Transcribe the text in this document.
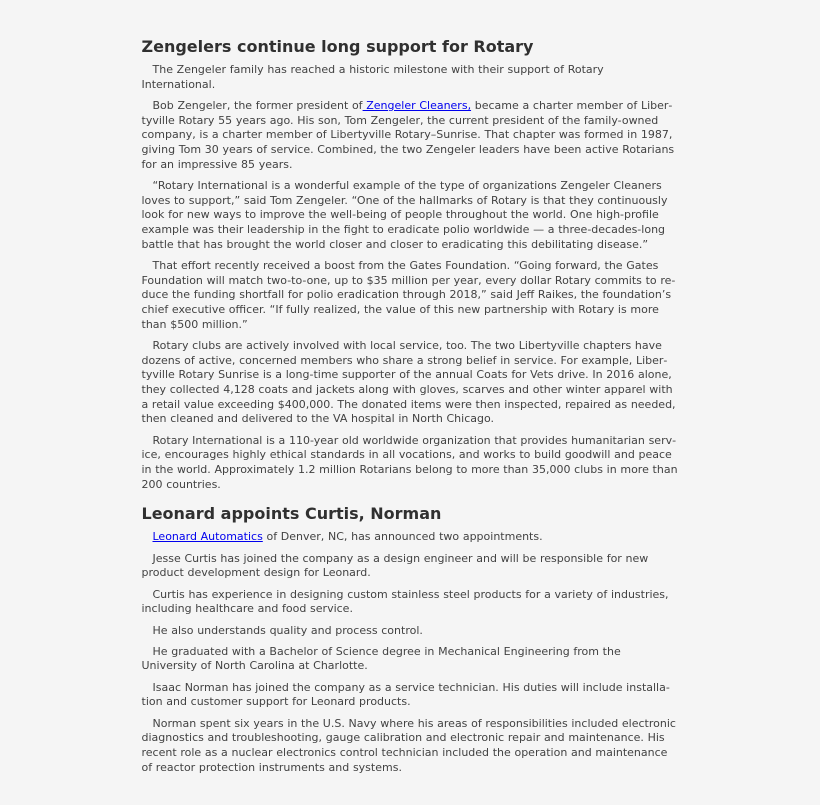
Zengelers continue long support for Rotary

The Zengeler family has reached a historic milestone with their support of Rotary International.

Bob Zengeler, the former president of Zengeler Cleaners, became a charter member of Libertyville Rotary 55 years ago. His son, Tom Zengeler, the current president of the family-owned company, is a charter member of Libertyville Rotary–Sunrise. That chapter was formed in 1987, giving Tom 30 years of service. Combined, the two Zengeler leaders have been active Rotarians for an impressive 85 years.

“Rotary International is a wonderful example of the type of organizations Zengeler Cleaners loves to support,” said Tom Zengeler. “One of the hallmarks of Rotary is that they continuously look for new ways to improve the well-being of people throughout the world. One high-profile example was their leadership in the fight to eradicate polio worldwide — a three-decades-long battle that has brought the world closer and closer to eradicating this debilitating disease.”

That effort recently received a boost from the Gates Foundation. “Going forward, the Gates Foundation will match two-to-one, up to $35 million per year, every dollar Rotary commits to reduce the funding shortfall for polio eradication through 2018,” said Jeff Raikes, the foundation’s chief executive officer. “If fully realized, the value of this new partnership with Rotary is more than $500 million.”

Rotary clubs are actively involved with local service, too. The two Libertyville chapters have dozens of active, concerned members who share a strong belief in service. For example, Libertyville Rotary Sunrise is a long-time supporter of the annual Coats for Vets drive. In 2016 alone, they collected 4,128 coats and jackets along with gloves, scarves and other winter apparel with a retail value exceeding $400,000. The donated items were then inspected, repaired as needed, then cleaned and delivered to the VA hospital in North Chicago.

Rotary International is a 110-year old worldwide organization that provides humanitarian service, encourages highly ethical standards in all vocations, and works to build goodwill and peace in the world. Approximately 1.2 million Rotarians belong to more than 35,000 clubs in more than 200 countries.

Leonard appoints Curtis, Norman

Leonard Automatics of Denver, NC, has announced two appointments.

Jesse Curtis has joined the company as a design engineer and will be responsible for new product development design for Leonard.

Curtis has experience in designing custom stainless steel products for a variety of industries, including healthcare and food service.

He also understands quality and process control.

He graduated with a Bachelor of Science degree in Mechanical Engineering from the University of North Carolina at Charlotte.

Isaac Norman has joined the company as a service technician. His duties will include installation and customer support for Leonard products.

Norman spent six years in the U.S. Navy where his areas of responsibilities included electronic diagnostics and troubleshooting, gauge calibration and electronic repair and maintenance. His recent role as a nuclear electronics control technician included the operation and maintenance of reactor protection instruments and systems.
